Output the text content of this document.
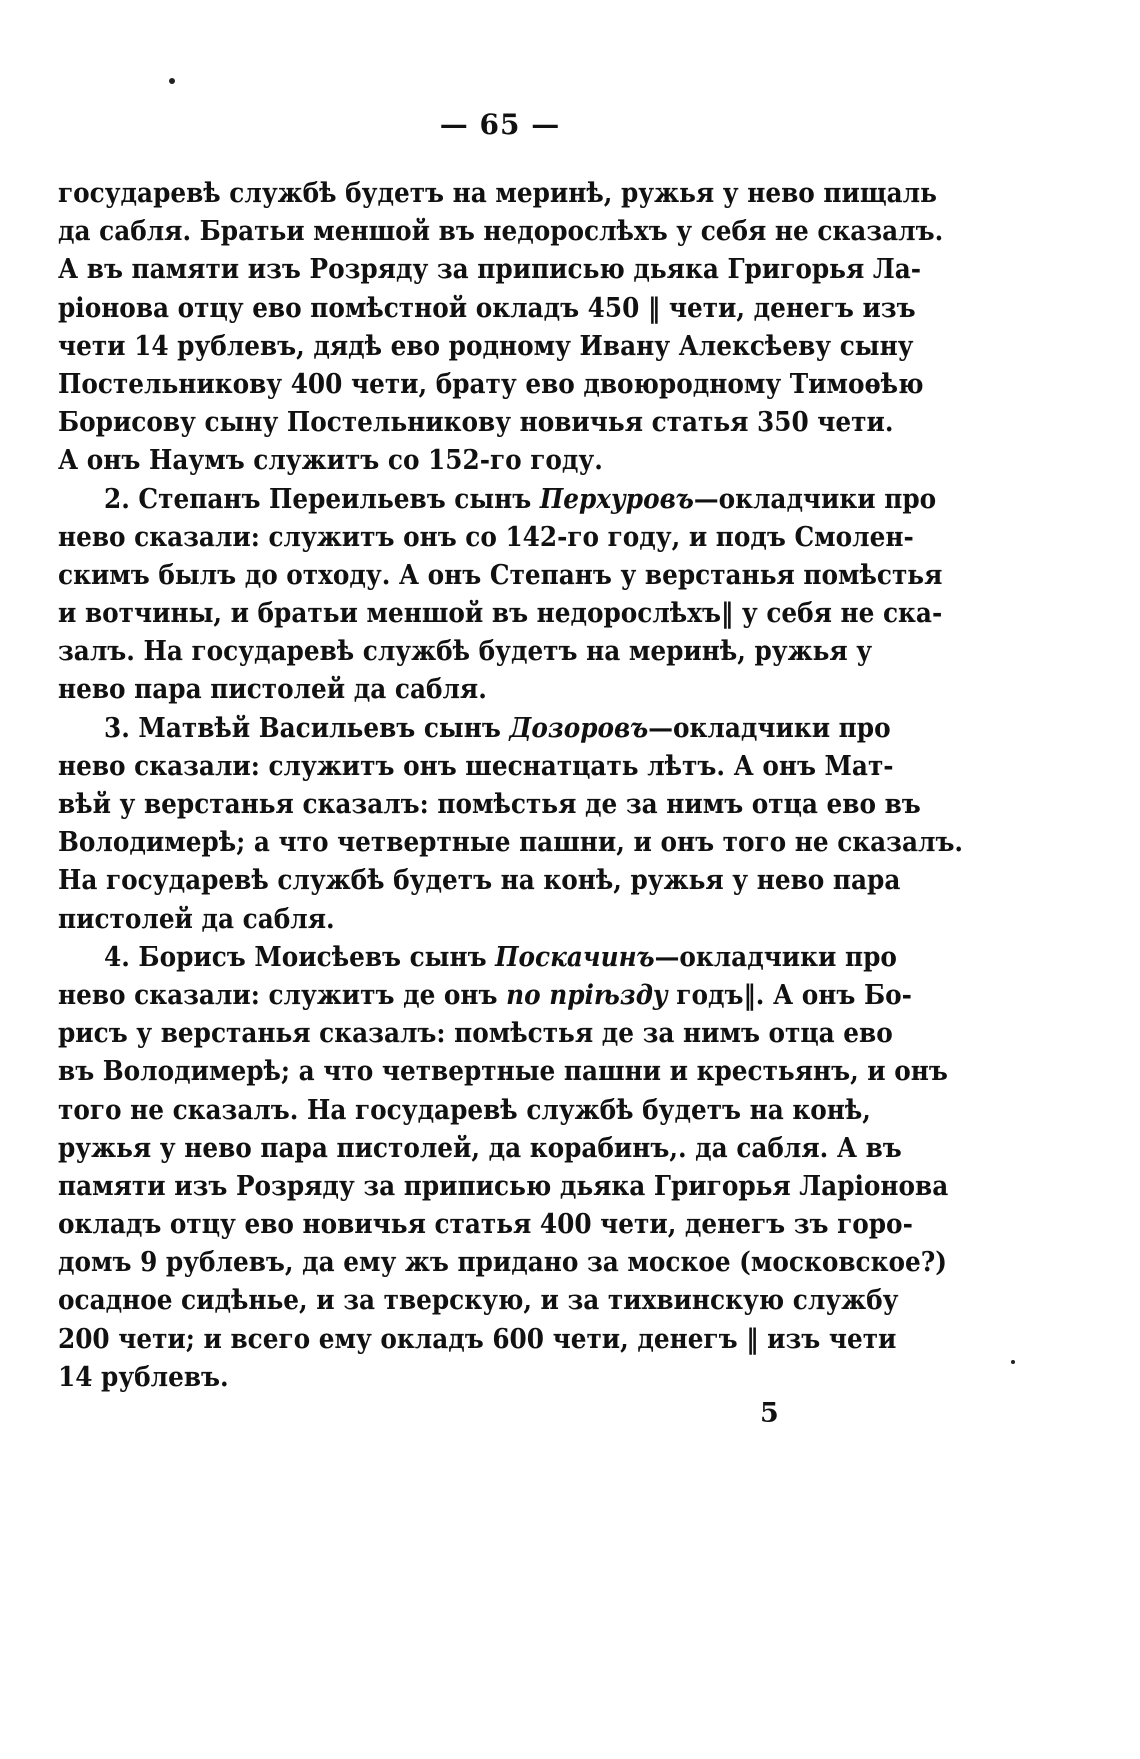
— 65 —
государевѣ службѣ будетъ на меринѣ, ружья у нево пищаль
да сабля. Братьи меншой въ недорослѣхъ у себя не сказалъ.
А въ памяти изъ Розряду за приписью дьяка Григорья Ла-
ріонова отцу ево помѣстной окладъ 450 ‖ чети, денегъ изъ
чети 14 рублевъ, дядѣ ево родному Ивану Алексѣеву сыну
Постельникову 400 чети, брату ево двоюродному Тимоѳѣю
Борисову сыну Постельникову новичья статья 350 чети.
А онъ Наумъ служитъ со 152-го году.
2. Степанъ Переильевъ сынъ Перхуровъ—окладчики про
нево сказали: служитъ онъ со 142-го году, и подъ Смолен-
скимъ былъ до отходу. А онъ Степанъ у верстанья помѣстья
и вотчины, и братьи меншой въ недорослѣхъ‖ у себя не ска-
залъ. На государевѣ службѣ будетъ на меринѣ, ружья у
нево пара пистолей да сабля.
3. Матвѣй Васильевъ сынъ Дозоровъ—окладчики про
нево сказали: служитъ онъ шеснатцать лѣтъ. А онъ Мат-
вѣй у верстанья сказалъ: помѣстья де за нимъ отца ево въ
Володимерѣ; а что четвертные пашни, и онъ того не сказалъ.
На государевѣ службѣ будетъ на конѣ, ружья у нево пара
пистолей да сабля.
4. Борисъ Моисѣевъ сынъ Поскачинъ—окладчики про
нево сказали: служитъ де онъ по пріѣзду годъ‖. А онъ Бо-
рисъ у верстанья сказалъ: помѣстья де за нимъ отца ево
въ Володимерѣ; а что четвертные пашни и крестьянъ, и онъ
того не сказалъ. На государевѣ службѣ будетъ на конѣ,
ружья у нево пара пистолей, да корабинъ,. да сабля. А въ
памяти изъ Розряду за приписью дьяка Григорья Ларіонова
окладъ отцу ево новичья статья 400 чети, денегъ зъ горо-
домъ 9 рублевъ, да ему жъ придано за моское (московское?)
осадное сидѣнье, и за тверскую, и за тихвинскую службу
200 чети; и всего ему окладъ 600 чети, денегъ ‖ изъ чети
14 рублевъ.
5
